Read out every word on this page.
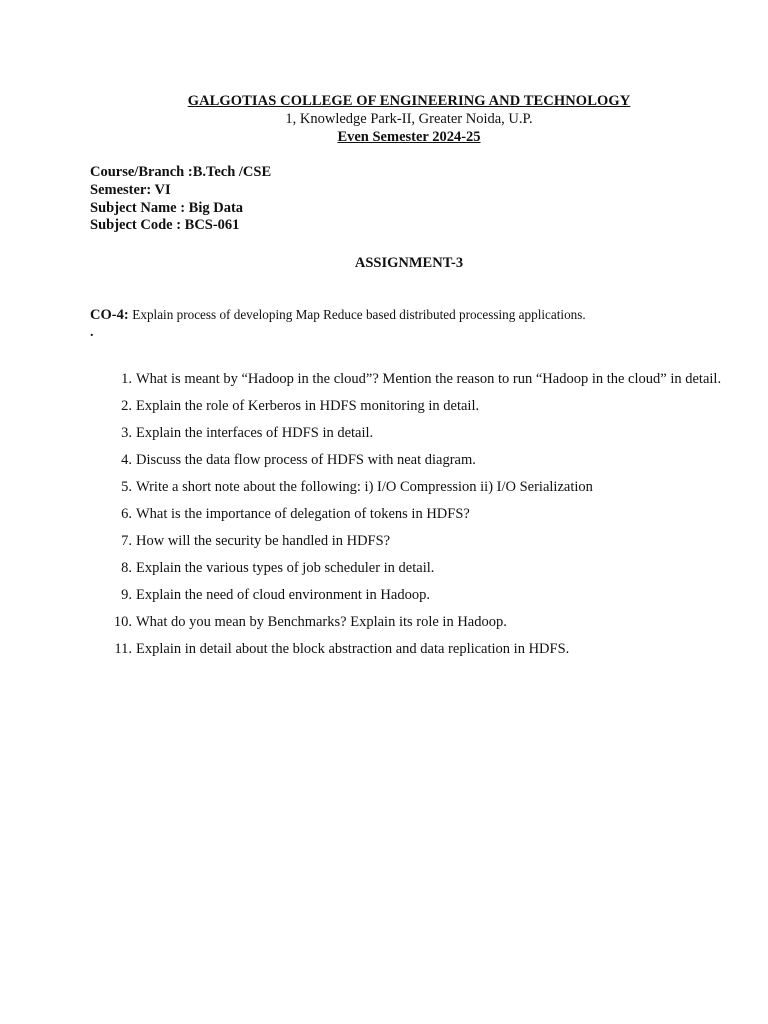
GALGOTIAS COLLEGE OF ENGINEERING AND TECHNOLOGY
1, Knowledge Park-II, Greater Noida, U.P.
Even Semester 2024-25
Course/Branch :B.Tech /CSE
Semester: VI
Subject Name : Big Data
Subject Code : BCS-061
ASSIGNMENT-3
CO-4: Explain process of developing Map Reduce based distributed processing applications.
.
1. What is meant by “Hadoop in the cloud”? Mention the reason to run “Hadoop in the cloud” in detail.
2. Explain the role of Kerberos in HDFS monitoring in detail.
3. Explain the interfaces of HDFS in detail.
4. Discuss the data flow process of HDFS with neat diagram.
5. Write a short note about the following: i) I/O Compression ii) I/O Serialization
6. What is the importance of delegation of tokens in HDFS?
7. How will the security be handled in HDFS?
8. Explain the various types of job scheduler in detail.
9. Explain the need of cloud environment in Hadoop.
10. What do you mean by Benchmarks? Explain its role in Hadoop.
11. Explain in detail about the block abstraction and data replication in HDFS.
